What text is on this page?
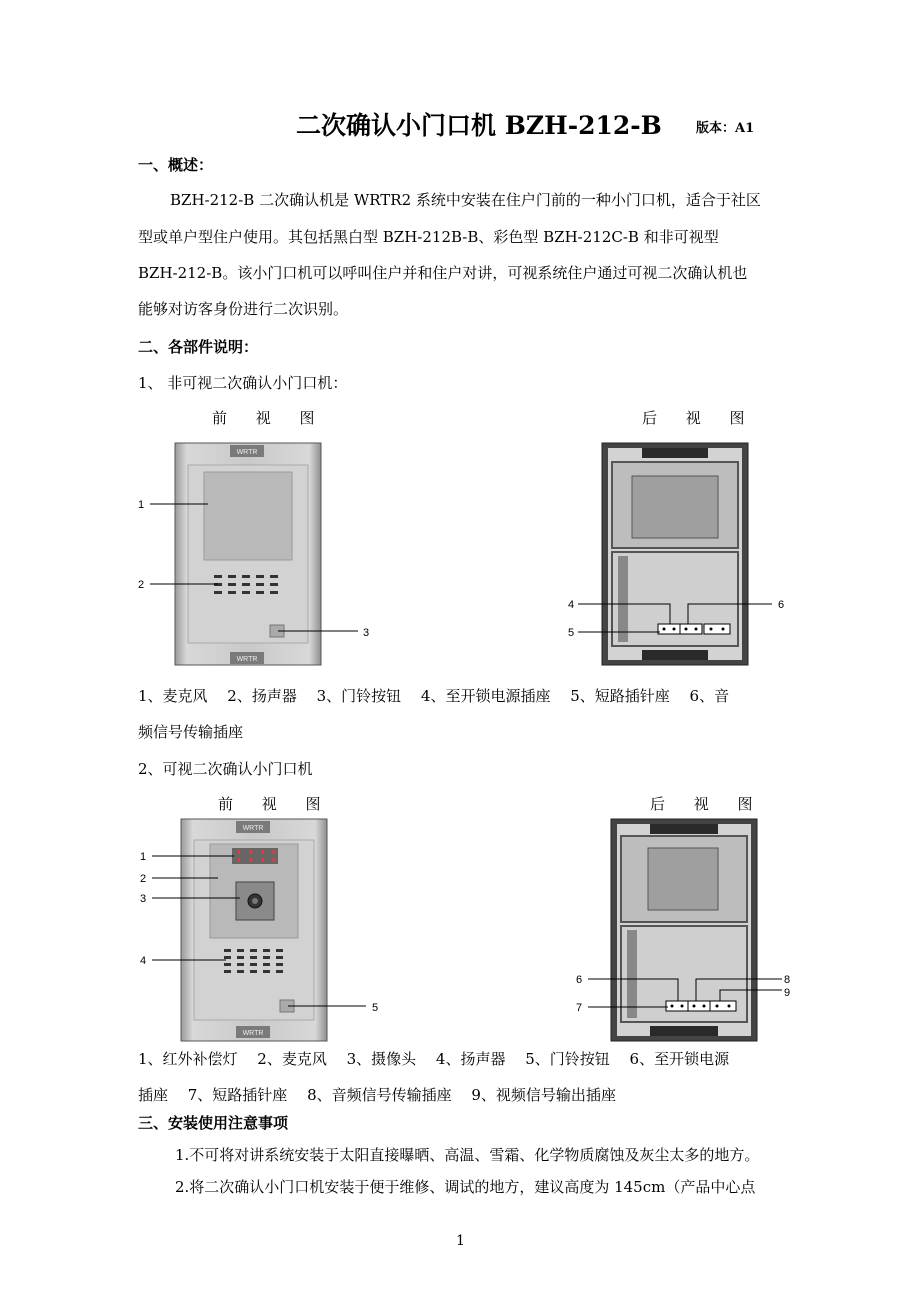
二次确认小门口机 BZH-212-B	版本：A1
一、概述：
BZH-212-B 二次确认机是 WRTR2 系统中安装在住户门前的一种小门口机，适合于社区
型或单户型住户使用。其包括黑白型 BZH-212B-B、彩色型 BZH-212C-B 和非可视型
BZH-212-B。该小门口机可以呼叫住户并和住户对讲，可视系统住户通过可视二次确认机也
能够对访客身份进行二次识别。
二、各部件说明：
1、 非可视二次确认小门口机：
前 视 图	后 视 图
WRTR
WRTR
1
2
3
4
5
6
1、麦克风　 2、扬声器　 3、门铃按钮　 4、至开锁电源插座　 5、短路插针座　 6、音
频信号传输插座
2、可视二次确认小门口机
前 视 图	后 视 图
WRTR
WRTR
1
2
3
4
5
6
7
8
9
1、红外补偿灯　 2、麦克风　 3、摄像头　 4、扬声器　 5、门铃按钮　 6、至开锁电源
插座　 7、短路插针座　 8、音频信号传输插座　 9、视频信号输出插座
三、安装使用注意事项
1.不可将对讲系统安装于太阳直接曝晒、高温、雪霜、化学物质腐蚀及灰尘太多的地方。
2.将二次确认小门口机安装于便于维修、调试的地方，建议高度为 145cm（产品中心点
1
